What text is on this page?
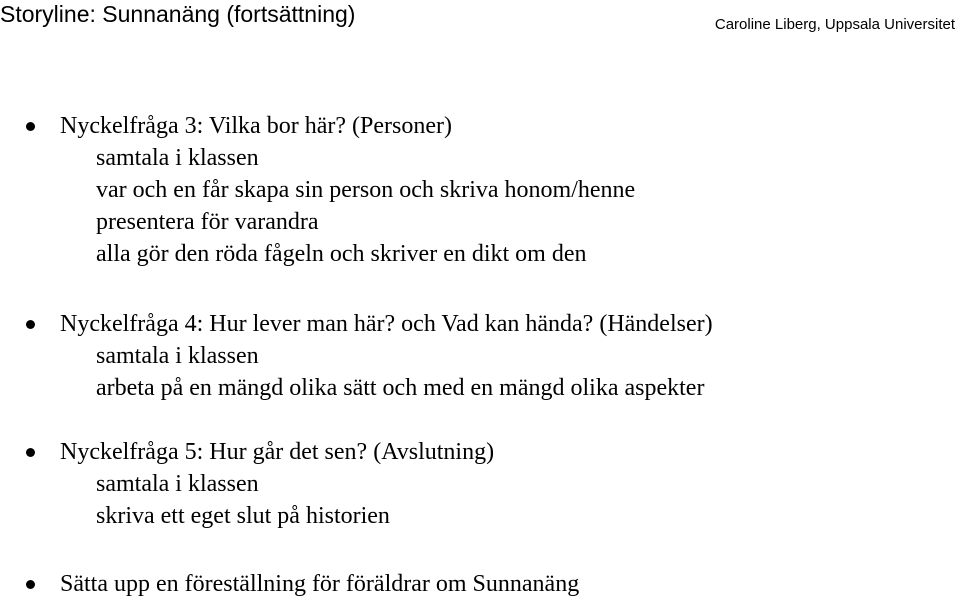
Storyline: Sunnanäng (fortsättning)	Caroline Liberg, Uppsala Universitet
Nyckelfråga 3: Vilka bor här? (Personer)
samtala i klassen
var och en får skapa sin person och skriva honom/henne
presentera för varandra
alla gör den röda fågeln och skriver en dikt om den
Nyckelfråga 4: Hur lever man här? och Vad kan hända? (Händelser)
samtala i klassen
arbeta på en mängd olika sätt och med en mängd olika aspekter
Nyckelfråga 5: Hur går det sen? (Avslutning)
samtala i klassen
skriva ett eget slut på historien
Sätta upp en föreställning för föräldrar om Sunnanäng
